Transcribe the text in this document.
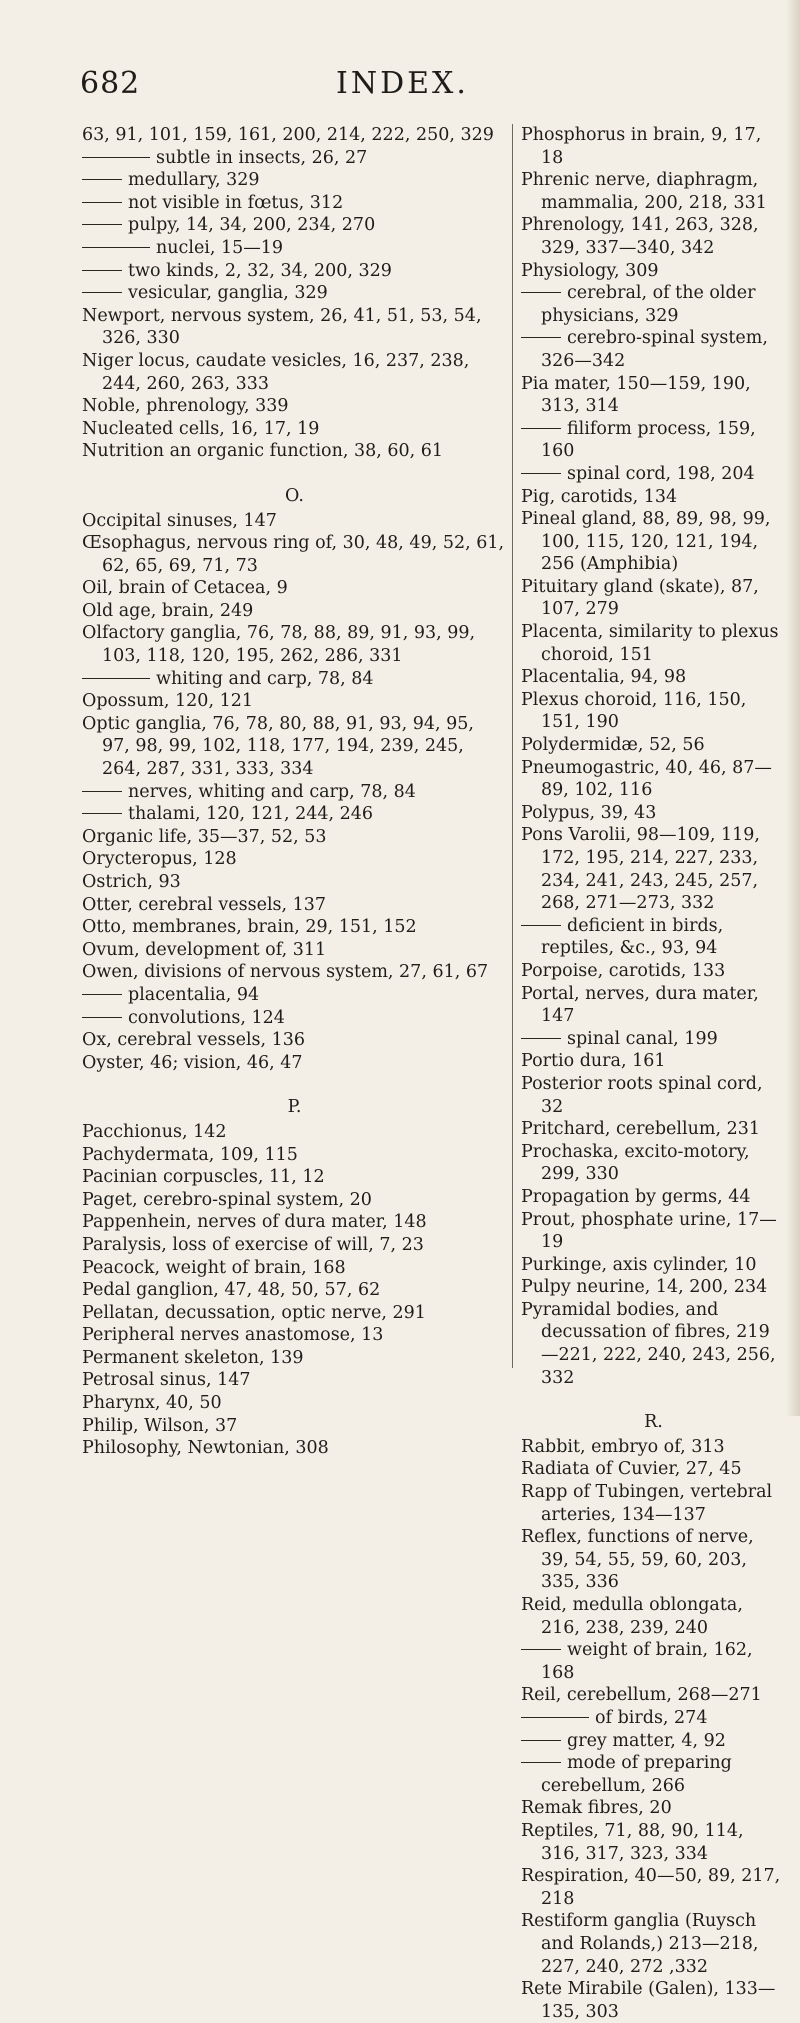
682	INDEX.
63, 91, 101, 159, 161, 200, 214, 222, 250, 329
subtle in insects, 26, 27
medullary, 329
not visible in fœtus, 312
pulpy, 14, 34, 200, 234, 270
nuclei, 15—19
two kinds, 2, 32, 34, 200, 329
vesicular, ganglia, 329
Newport, nervous system, 26, 41, 51, 53, 54, 326, 330
Niger locus, caudate vesicles, 16, 237, 238, 244, 260, 263, 333
Noble, phrenology, 339
Nucleated cells, 16, 17, 19
Nutrition an organic function, 38, 60, 61
O.
Occipital sinuses, 147
Œsophagus, nervous ring of, 30, 48, 49, 52, 61, 62, 65, 69, 71, 73
Oil, brain of Cetacea, 9
Old age, brain, 249
Olfactory ganglia, 76, 78, 88, 89, 91, 93, 99, 103, 118, 120, 195, 262, 286, 331
whiting and carp, 78, 84
Opossum, 120, 121
Optic ganglia, 76, 78, 80, 88, 91, 93, 94, 95, 97, 98, 99, 102, 118, 177, 194, 239, 245, 264, 287, 331, 333, 334
nerves, whiting and carp, 78, 84
thalami, 120, 121, 244, 246
Organic life, 35—37, 52, 53
Orycteropus, 128
Ostrich, 93
Otter, cerebral vessels, 137
Otto, membranes, brain, 29, 151, 152
Ovum, development of, 311
Owen, divisions of nervous system, 27, 61, 67
placentalia, 94
convolutions, 124
Ox, cerebral vessels, 136
Oyster, 46; vision, 46, 47
P.
Pacchionus, 142
Pachydermata, 109, 115
Pacinian corpuscles, 11, 12
Paget, cerebro-spinal system, 20
Pappenhein, nerves of dura mater, 148
Paralysis, loss of exercise of will, 7, 23
Peacock, weight of brain, 168
Pedal ganglion, 47, 48, 50, 57, 62
Pellatan, decussation, optic nerve, 291
Peripheral nerves anastomose, 13
Permanent skeleton, 139
Petrosal sinus, 147
Pharynx, 40, 50
Philip, Wilson, 37
Philosophy, Newtonian, 308
Phosphorus in brain, 9, 17, 18
Phrenic nerve, diaphragm, mammalia, 200, 218, 331
Phrenology, 141, 263, 328, 329, 337—340, 342
Physiology, 309
cerebral, of the older physicians, 329
cerebro-spinal system, 326—342
Pia mater, 150—159, 190, 313, 314
filiform process, 159, 160
spinal cord, 198, 204
Pig, carotids, 134
Pineal gland, 88, 89, 98, 99, 100, 115, 120, 121, 194, 256 (Amphibia)
Pituitary gland (skate), 87, 107, 279
Placenta, similarity to plexus choroid, 151
Placentalia, 94, 98
Plexus choroid, 116, 150, 151, 190
Polydermidæ, 52, 56
Pneumogastric, 40, 46, 87—89, 102, 116
Polypus, 39, 43
Pons Varolii, 98—109, 119, 172, 195, 214, 227, 233, 234, 241, 243, 245, 257, 268, 271—273, 332
deficient in birds, reptiles, &c., 93, 94
Porpoise, carotids, 133
Portal, nerves, dura mater, 147
spinal canal, 199
Portio dura, 161
Posterior roots spinal cord, 32
Pritchard, cerebellum, 231
Prochaska, excito-motory, 299, 330
Propagation by germs, 44
Prout, phosphate urine, 17—19
Purkinge, axis cylinder, 10
Pulpy neurine, 14, 200, 234
Pyramidal bodies, and decussation of fibres, 219—221, 222, 240, 243, 256, 332
R.
Rabbit, embryo of, 313
Radiata of Cuvier, 27, 45
Rapp of Tubingen, vertebral arteries, 134—137
Reflex, functions of nerve, 39, 54, 55, 59, 60, 203, 335, 336
Reid, medulla oblongata, 216, 238, 239, 240
weight of brain, 162, 168
Reil, cerebellum, 268—271
of birds, 274
grey matter, 4, 92
mode of preparing cerebellum, 266
Remak fibres, 20
Reptiles, 71, 88, 90, 114, 316, 317, 323, 334
Respiration, 40—50, 89, 217, 218
Restiform ganglia (Ruysch and Rolands,) 213—218, 227, 240, 272 ,332
Rete Mirabile (Galen), 133—135, 303
